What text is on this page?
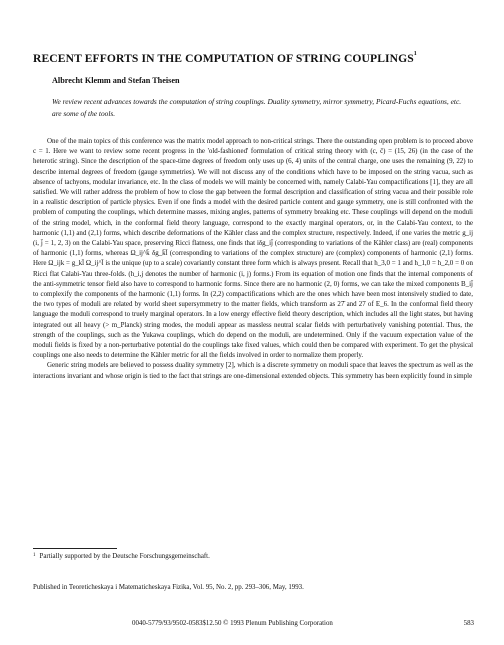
RECENT EFFORTS IN THE COMPUTATION OF STRING COUPLINGS$^1$
Albrecht Klemm and Stefan Theisen
We review recent advances towards the computation of string couplings. Duality symmetry, mirror symmetry, Picard-Fuchs equations, etc. are some of the tools.

One of the main topics of this conference was the matrix model approach to non-critical strings. There the outstanding open problem is to proceed above c = 1. Here we want to review some recent progress in the 'old-fashioned' formulation of critical string theory with (c, c̄) = (15, 26) (in the case of the heterotic string). Since the description of the space-time degrees of freedom only uses up (6, 4) units of the central charge, one uses the remaining (9, 22) to describe internal degrees of freedom (gauge symmetries). We will not discuss any of the conditions which have to be imposed on the string vacua, such as absence of tachyons, modular invariance, etc. In the class of models we will mainly be concerned with, namely Calabi-Yau compactifications [1], they are all satisfied. We will rather address the problem of how to close the gap between the formal description and classification of string vacua and their possible role in a realistic description of particle physics. Even if one finds a model with the desired particle content and gauge symmetry, one is still confronted with the problem of computing the couplings, which determine masses, mixing angles, patterns of symmetry breaking etc. These couplings will depend on the moduli of the string model, which, in the conformal field theory language, correspond to the exactly marginal operators, or, in the Calabi-Yau context, to the harmonic (1,1) and (2,1) forms, which describe deformations of the Kähler class and the complex structure, respectively. Indeed, if one varies the metric g_ij (i, j̄ = 1, 2, 3) on the Calabi-Yau space, preserving Ricci flatness, one finds that iδg_ij̄ (corresponding to variations of the Kähler class) are (real) components of harmonic (1,1) forms, whereas Ω_ij^k̄ δg_k̄l̄ (corresponding to variations of the complex structure) are (complex) components of harmonic (2,1) forms. Here Ω_ijk = g_kl̄ Ω_ij^l̄ is the unique (up to a scale) covariantly constant three form which is always present. Recall that h_3,0 = 1 and h_1,0 = h_2,0 = 0 on Ricci flat Calabi-Yau three-folds. (h_i,j denotes the number of harmonic (i, j) forms.) From its equation of motion one finds that the internal components of the anti-symmetric tensor field also have to correspond to harmonic forms. Since there are no harmonic (2, 0) forms, we can take the mixed components B_ij̄ to complexify the components of the harmonic (1,1) forms. In (2,2) compactifications which are the ones which have been most intensively studied to date, the two types of moduli are related by world sheet supersymmetry to the matter fields, which transform as 27̄ and 27 of E_6. In the conformal field theory language the moduli correspond to truely marginal operators. In a low energy effective field theory description, which includes all the light states, but having integrated out all heavy (> m_Planck) string modes, the moduli appear as massless neutral scalar fields with perturbatively vanishing potential. Thus, the strength of the couplings, such as the Yukawa couplings, which do depend on the moduli, are undetermined. Only if the vacuum expectation value of the moduli fields is fixed by a non-perturbative potential do the couplings take fixed values, which could then be compared with experiment. To get the physical couplings one also needs to determine the Kähler metric for all the fields involved in order to normalize them properly.

Generic string models are believed to possess duality symmetry [2], which is a discrete symmetry on moduli space that leaves the spectrum as well as the interactions invariant and whose origin is tied to the fact that strings are one-dimensional extended objects. This symmetry has been explicitly found in simple

$^1$ Partially supported by the Deutsche Forschungsgemeinschaft.
Published in Teoreticheskaya i Matematicheskaya Fizika, Vol. 95, No. 2, pp. 293–306, May, 1993.
0040-5779/93/9502-0583$12.50 © 1993 Plenum Publishing Corporation	583
